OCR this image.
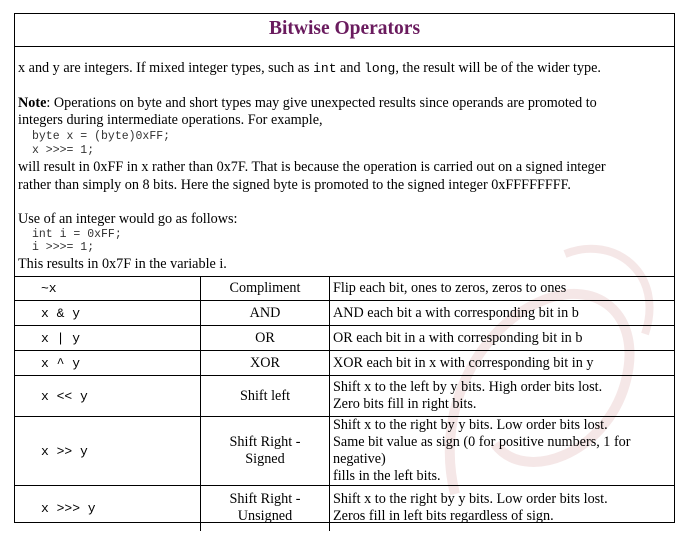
Bitwise Operators
x and y are integers. If mixed integer types, such as int and long, the result will be of the wider type.
Note: Operations on byte and short types may give unexpected results since operands are promoted to
integers during intermediate operations. For example,
byte x = (byte)0xFF;
x >>>= 1;
will result in 0xFF in x rather than 0x7F. That is because the operation is carried out on a signed integer
rather than simply on 8 bits. Here the signed byte is promoted to the signed integer 0xFFFFFFFF.
Use of an integer would go as follows:
int i = 0xFF;
i >>>= 1;
This results in 0x7F in the variable i.
~x	Compliment	Flip each bit, ones to zeros, zeros to ones

x & y	AND	AND each bit a with corresponding bit in b

x | y	OR	OR each bit in a with corresponding bit in b

x ^ y	XOR	XOR each bit in x with corresponding bit in y

x << y	Shift left	Shift x to the left by y bits. High order bits lost.
Zero bits fill in right bits.

x >> y	Shift Right - Signed	Shift x to the right by y bits. Low order bits lost.
Same bit value as sign (0 for positive numbers, 1 for negative)
fills in the left bits.

x >>> y	Shift Right - Unsigned	Shift x to the right by y bits. Low order bits lost.
Zeros fill in left bits regardless of sign.
